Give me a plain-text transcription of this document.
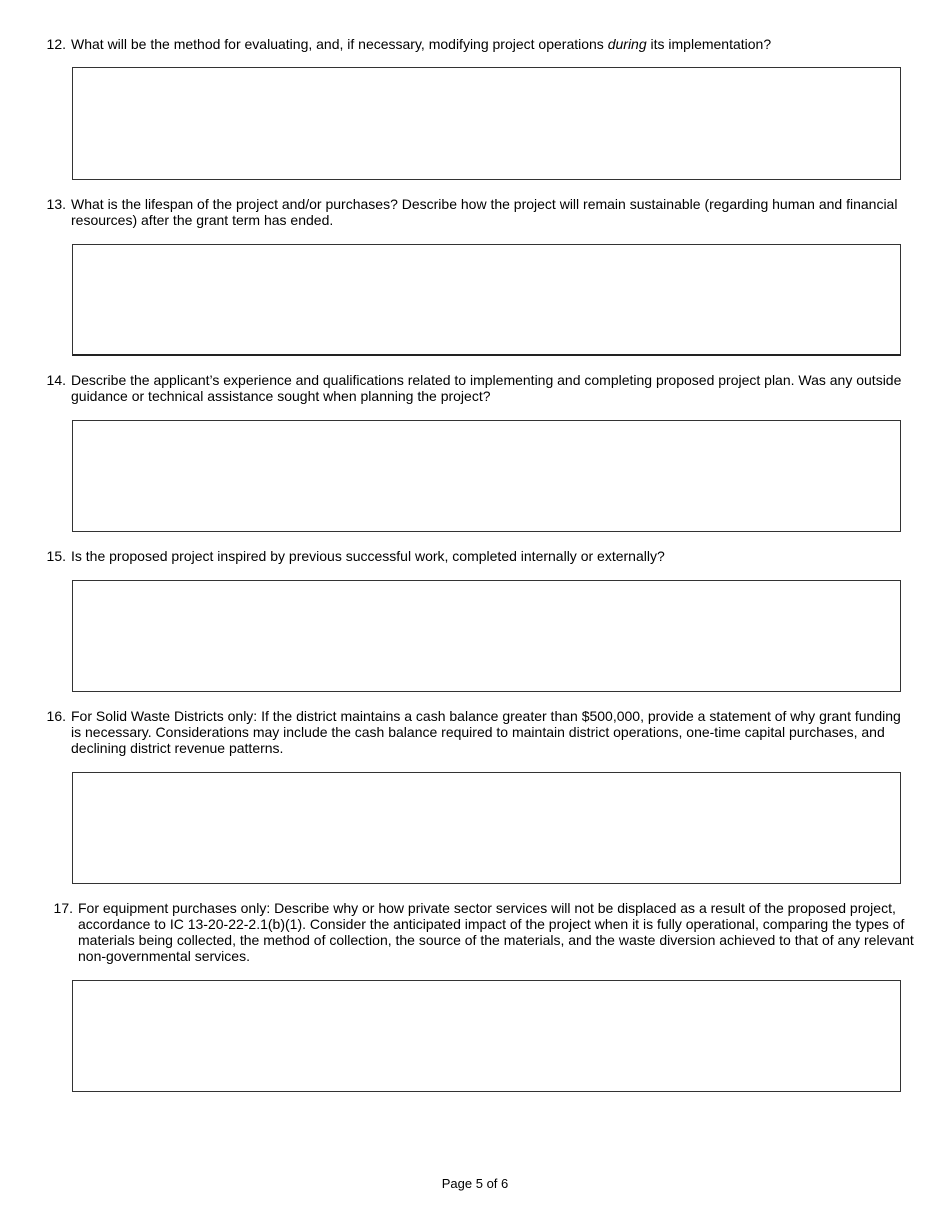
12. What will be the method for evaluating, and, if necessary, modifying project operations during its implementation?
13. What is the lifespan of the project and/or purchases? Describe how the project will remain sustainable (regarding human and financial resources) after the grant term has ended.
14. Describe the applicant’s experience and qualifications related to implementing and completing proposed project plan. Was any outside guidance or technical assistance sought when planning the project?
15. Is the proposed project inspired by previous successful work, completed internally or externally?
16. For Solid Waste Districts only: If the district maintains a cash balance greater than $500,000, provide a statement of why grant funding is necessary. Considerations may include the cash balance required to maintain district operations, one-time capital purchases, and declining district revenue patterns.
17. For equipment purchases only: Describe why or how private sector services will not be displaced as a result of the proposed project, accordance to IC 13-20-22-2.1(b)(1). Consider the anticipated impact of the project when it is fully operational, comparing the types of materials being collected, the method of collection, the source of the materials, and the waste diversion achieved to that of any relevant non-governmental services.
Page 5 of 6
